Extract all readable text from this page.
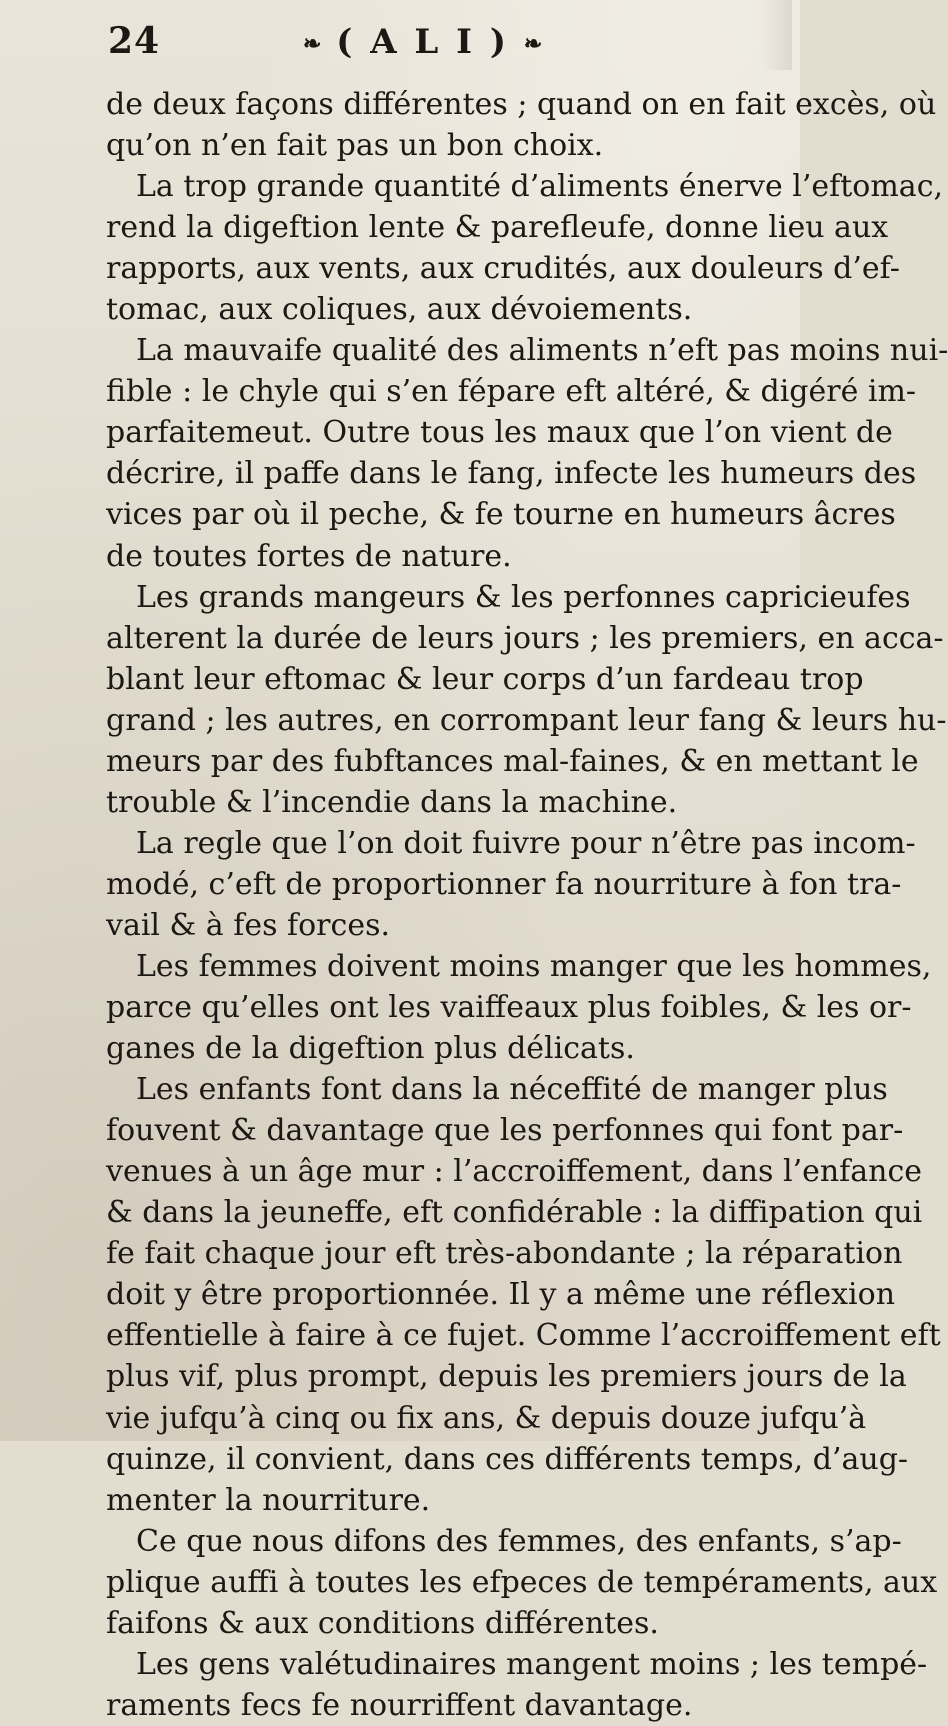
24	❧ ( A L I ) ❧
de deux façons différentes ; quand on en fait excès, où
qu’on n’en fait pas un bon choix.
La trop grande quantité d’aliments énerve l’eftomac,
rend la digeftion lente & parefleufe, donne lieu aux
rapports, aux vents, aux crudités, aux douleurs d’ef-
tomac, aux coliques, aux dévoiements.
La mauvaife qualité des aliments n’eft pas moins nui-
fible : le chyle qui s’en fépare eft altéré, & digéré im-
parfaitemeut. Outre tous les maux que l’on vient de
décrire, il paffe dans le fang, infecte les humeurs des
vices par où il peche, & fe tourne en humeurs âcres
de toutes fortes de nature.
Les grands mangeurs & les perfonnes capricieufes
alterent la durée de leurs jours ; les premiers, en acca-
blant leur eftomac & leur corps d’un fardeau trop
grand ; les autres, en corrompant leur fang & leurs hu-
meurs par des fubftances mal-faines, & en mettant le
trouble & l’incendie dans la machine.
La regle que l’on doit fuivre pour n’être pas incom-
modé, c’eft de proportionner fa nourriture à fon tra-
vail & à fes forces.
Les femmes doivent moins manger que les hommes,
parce qu’elles ont les vaiffeaux plus foibles, & les or-
ganes de la digeftion plus délicats.
Les enfants font dans la néceffité de manger plus
fouvent & davantage que les perfonnes qui font par-
venues à un âge mur : l’accroiffement, dans l’enfance
& dans la jeuneffe, eft confidérable : la diffipation qui
fe fait chaque jour eft très-abondante ; la réparation
doit y être proportionnée. Il y a même une réflexion
effentielle à faire à ce fujet. Comme l’accroiffement eft
plus vif, plus prompt, depuis les premiers jours de la
vie jufqu’à cinq ou fix ans, & depuis douze jufqu’à
quinze, il convient, dans ces différents temps, d’aug-
menter la nourriture.
Ce que nous difons des femmes, des enfants, s’ap-
plique auffi à toutes les efpeces de tempéraments, aux
faifons & aux conditions différentes.
Les gens valétudinaires mangent moins ; les tempé-
raments fecs fe nourriffent davantage.
